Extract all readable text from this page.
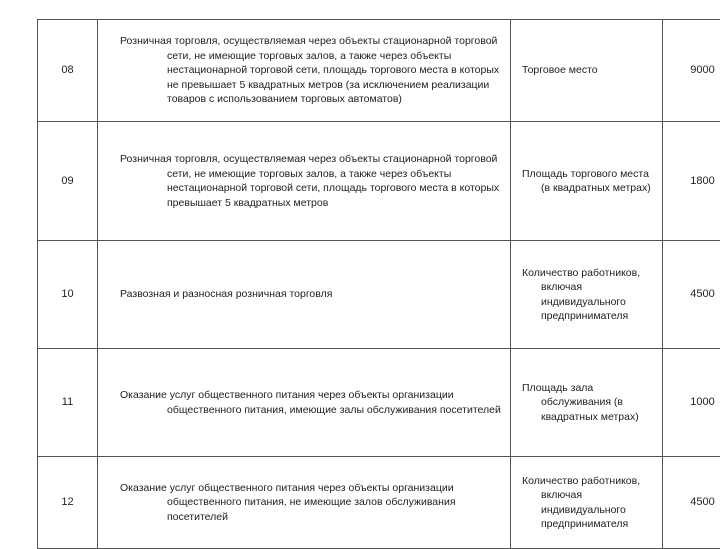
08	Розничная торговля, осуществляемая через объекты стационарной торговой сети, не имеющие торговых залов, а также через объекты нестационарной торговой сети, площадь торгового места в которых не превышает 5 квадратных метров (за исключением реализации товаров с использованием торговых автоматов)	Торговое место	9000
09	Розничная торговля, осуществляемая через объекты стационарной торговой сети, не имеющие торговых залов, а также через объекты нестационарной торговой сети, площадь торгового места в которых превышает 5 квадратных метров	Площадь торгового места (в квадратных метрах)	1800
10	Развозная и разносная розничная торговля	Количество работников, включая индивидуального предпринимателя	4500
11	Оказание услуг общественного питания через объекты организации общественного питания, имеющие залы обслуживания посетителей	Площадь зала обслуживания (в квадратных метрах)	1000
12	Оказание услуг общественного питания через объекты организации общественного питания, не имеющие залов обслуживания посетителей	Количество работников, включая индивидуального предпринимателя	4500
